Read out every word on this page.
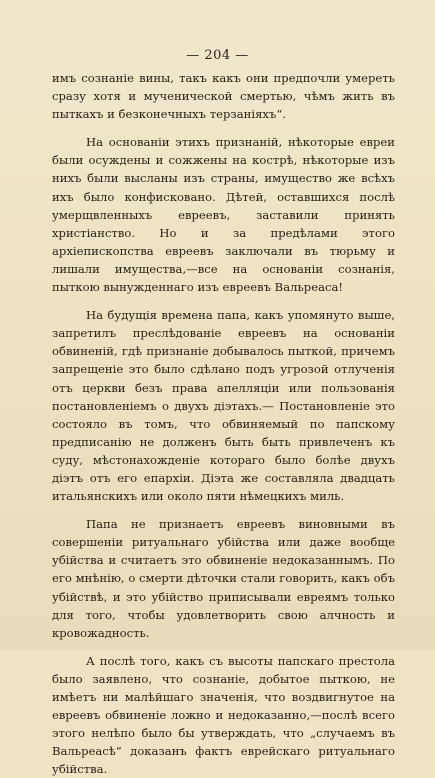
— 204 —

имъ сознаніе вины, такъ какъ они предпочли умереть сразу хотя и мученической смертью, чѣмъ жить въ пыткахъ и безконечныхъ терзаніяхъ“.

На основаніи этихъ признаній, нѣкоторые евреи были осуждены и сожжены на кострѣ, нѣкоторые изъ нихъ были высланы изъ страны, имущество же всѣхъ ихъ было конфисковано. Дѣтей, оставшихся послѣ умерщвленныхъ евреевъ, заставили принять христіанство. Но и за предѣлами этого архіепископства евреевъ заключали въ тюрьму и лишали имущества,—все на основаніи сознанія, пыткою вынужденнаго изъ евреевъ Вальреаса!

На будущія времена папа, какъ упомянуто выше, запретилъ преслѣдованіе евреевъ на основаніи обвиненій, гдѣ признаніе добывалось пыткой, причемъ запрещеніе это было сдѣлано подъ угрозой отлученія отъ церкви безъ права апелляціи или пользованія постановленіемъ о двухъ діэтахъ.— Постановленіе это состояло въ томъ, что обвиняемый по папскому предписанію не долженъ быть быть привлеченъ къ суду, мѣстонахожденіе котораго было болѣе двухъ діэтъ отъ его епархіи. Діэта же составляла двадцать итальянскихъ или около пяти нѣмецкихъ миль.

Папа не признаетъ евреевъ виновными въ совершеніи ритуальнаго убійства или даже вообще убійства и считаетъ это обвиненіе недоказаннымъ. По его мнѣнію, о смерти дѣточки стали говорить, какъ объ убійствѣ, и это убійство приписывали евреямъ только для того, чтобы удовлетворить свою алчность и кровожадность.

А послѣ того, какъ съ высоты папскаго престола было заявлено, что сознаніе, добытое пыткою, не имѣетъ ни малѣйшаго значенія, что воздвигнутое на евреевъ обвиненіе ложно и недоказанно,—послѣ всего этого нелѣпо было бы утверждать, что „случаемъ въ Вальреасѣ“ доказанъ фактъ еврейскаго ритуальнаго убійства.
